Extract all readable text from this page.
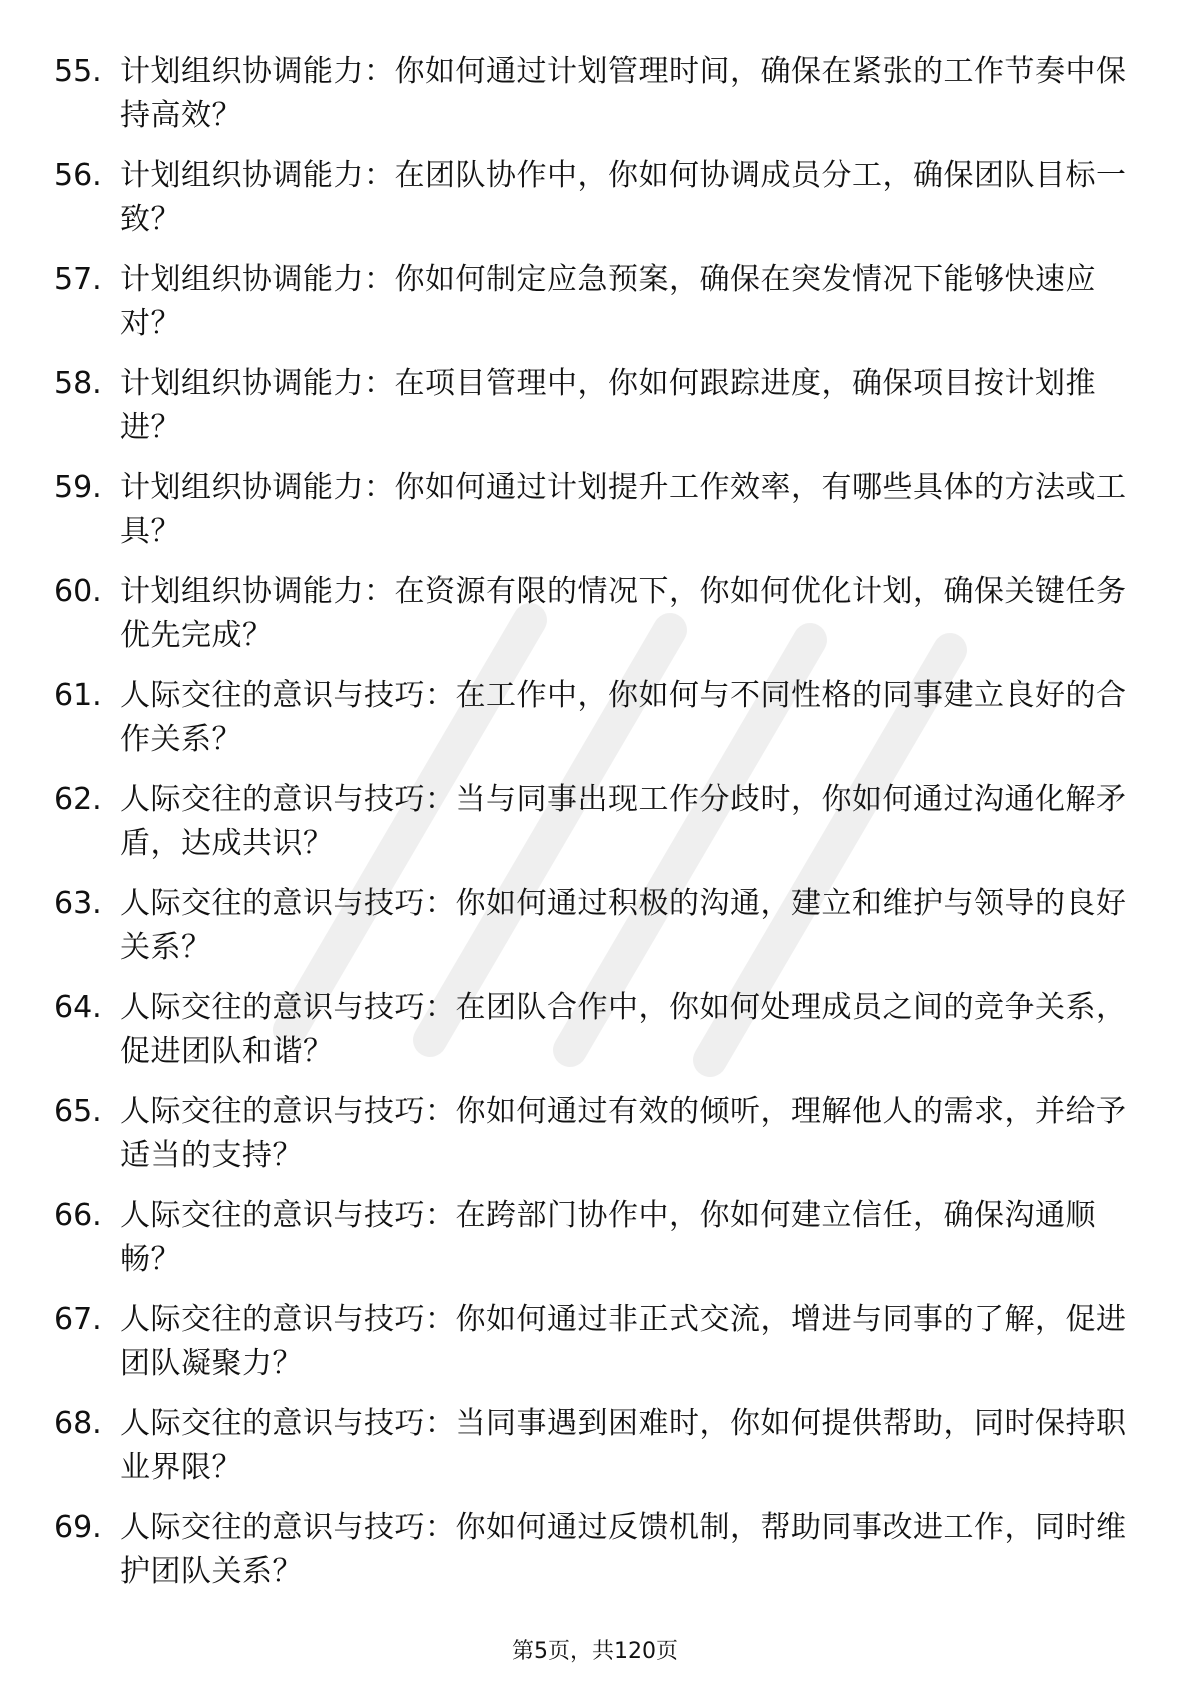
55. 计划组织协调能力：你如何通过计划管理时间，确保在紧张的工作节奏中保持高效？
56. 计划组织协调能力：在团队协作中，你如何协调成员分工，确保团队目标一致？
57. 计划组织协调能力：你如何制定应急预案，确保在突发情况下能够快速应对？
58. 计划组织协调能力：在项目管理中，你如何跟踪进度，确保项目按计划推进？
59. 计划组织协调能力：你如何通过计划提升工作效率，有哪些具体的方法或工具？
60. 计划组织协调能力：在资源有限的情况下，你如何优化计划，确保关键任务优先完成？
61. 人际交往的意识与技巧：在工作中，你如何与不同性格的同事建立良好的合作关系？
62. 人际交往的意识与技巧：当与同事出现工作分歧时，你如何通过沟通化解矛盾，达成共识？
63. 人际交往的意识与技巧：你如何通过积极的沟通，建立和维护与领导的良好关系？
64. 人际交往的意识与技巧：在团队合作中，你如何处理成员之间的竞争关系，促进团队和谐？
65. 人际交往的意识与技巧：你如何通过有效的倾听，理解他人的需求，并给予适当的支持？
66. 人际交往的意识与技巧：在跨部门协作中，你如何建立信任，确保沟通顺畅？
67. 人际交往的意识与技巧：你如何通过非正式交流，增进与同事的了解，促进团队凝聚力？
68. 人际交往的意识与技巧：当同事遇到困难时，你如何提供帮助，同时保持职业界限？
69. 人际交往的意识与技巧：你如何通过反馈机制，帮助同事改进工作，同时维护团队关系？
第5页，共120页
